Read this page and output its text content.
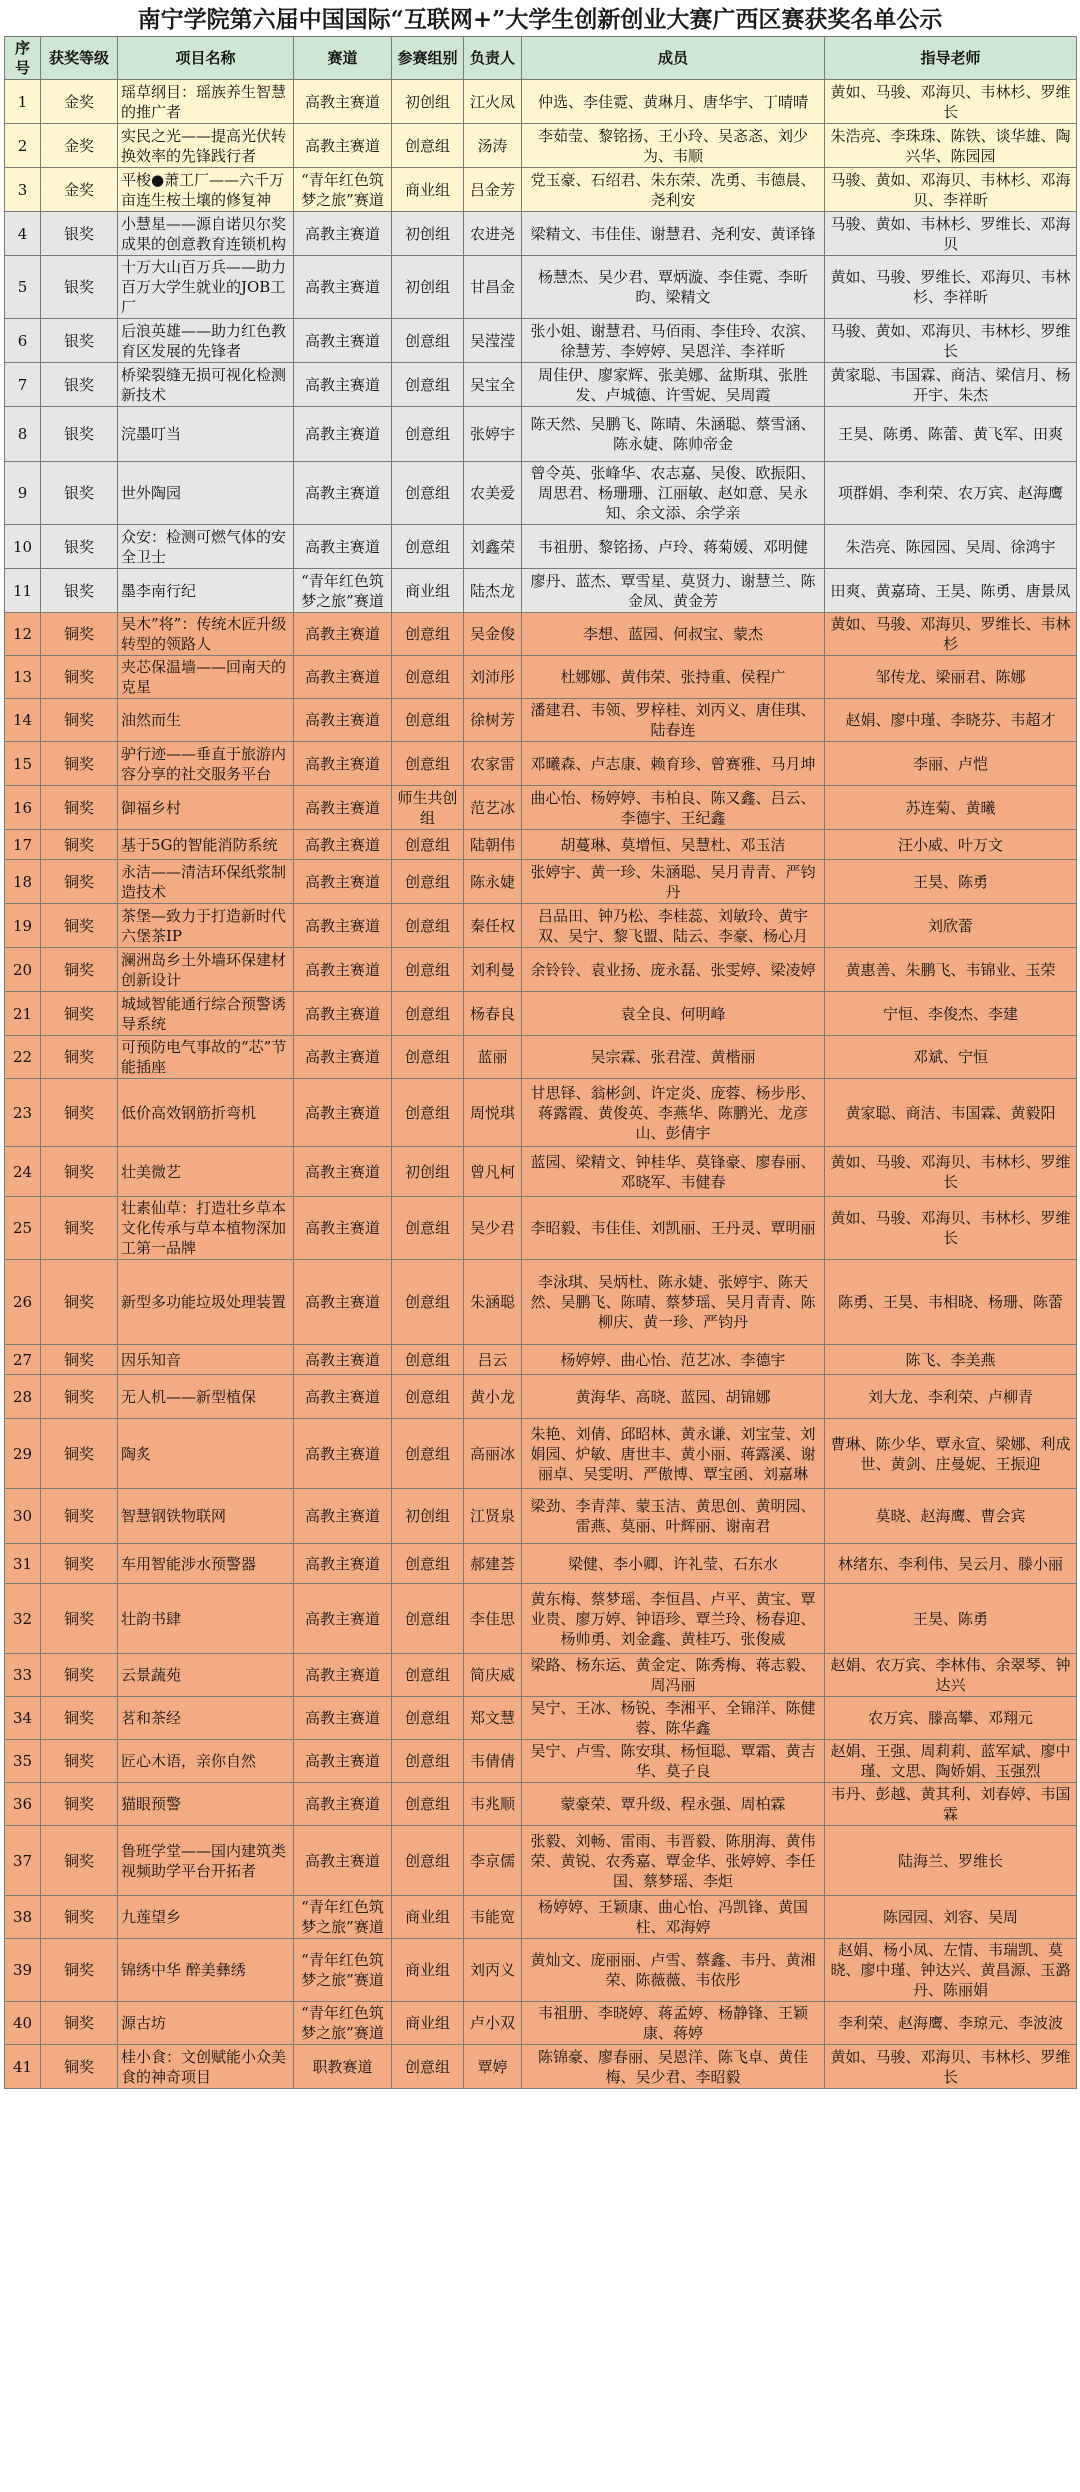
南宁学院第六届中国国际“互联网+”大学生创新创业大赛广西区赛获奖名单公示
序号	获奖等级	项目名称	赛道	参赛组别	负责人	成员	指导老师
1	金奖	瑶草纲目：瑶族养生智慧的推广者	高教主赛道	初创组	江火凤	仲选、李佳霓、黄琳月、唐华宇、丁晴晴	黄如、马骏、邓海贝、韦林杉、罗维长
2	金奖	实民之光——提高光伏转换效率的先锋践行者	高教主赛道	创意组	汤涛	李茹莹、黎铭扬、王小玲、吴忞忞、刘少为、韦顺	朱浩亮、李珠珠、陈铁、谈华雄、陶兴华、陈园园
3	金奖	平梭●萧工厂——六千万亩连生桉土壤的修复神	“青年红色筑梦之旅”赛道	商业组	吕金芳	党玉豪、石绍君、朱东荣、冼勇、韦德晨、尧利安	马骏、黄如、邓海贝、韦林杉、邓海贝、李祥昕
4	银奖	小慧星——源自诺贝尔奖成果的创意教育连锁机构	高教主赛道	初创组	农进尧	梁精文、韦佳佳、谢慧君、尧利安、黄译锋	马骏、黄如、韦林杉、罗维长、邓海贝
5	银奖	十万大山百万兵——助力百万大学生就业的JOB工厂	高教主赛道	初创组	甘昌金	杨慧杰、吴少君、覃炳漩、李佳霓、李昕昀、梁精文	黄如、马骏、罗维长、邓海贝、韦林杉、李祥昕
6	银奖	后浪英雄——助力红色教育区发展的先锋者	高教主赛道	创意组	吴滢滢	张小姐、谢慧君、马佰雨、李佳玲、农滨、徐慧芳、李婷婷、吴恩洋、李祥昕	马骏、黄如、邓海贝、韦林杉、罗维长
7	银奖	桥梁裂缝无损可视化检测新技术	高教主赛道	创意组	吴宝全	周佳伊、廖家辉、张美娜、盆斯琪、张胜发、卢城德、许雪妮、吴周霞	黄家聪、韦国霖、商洁、梁信月、杨开宇、朱杰
8	银奖	浣墨叮当	高教主赛道	创意组	张婷宇	陈天然、吴鹏飞、陈晴、朱涵聪、蔡雪涵、陈永婕、陈帅帝金	王昊、陈勇、陈蕾、黄飞军、田爽
9	银奖	世外陶园	高教主赛道	创意组	农美爱	曾令英、张峰华、农志嘉、吴俊、欧振阳、周思君、杨珊珊、江丽敏、赵如意、吴永知、余文添、余学亲	项群娟、李利荣、农万宾、赵海鹰
10	银奖	众安：检测可燃气体的安全卫士	高教主赛道	创意组	刘鑫荣	韦祖册、黎铭扬、卢玲、蒋菊媛、邓明健	朱浩亮、陈园园、吴周、徐鸿宇
11	银奖	墨李南行纪	“青年红色筑梦之旅”赛道	商业组	陆杰龙	廖丹、蓝杰、覃雪星、莫贤力、谢慧兰、陈金凤、黄金芳	田爽、黄嘉琦、王昊、陈勇、唐景凤
12	铜奖	吴木”将”：传统木匠升级转型的领路人	高教主赛道	创意组	吴金俊	李想、蓝园、何叔宝、蒙杰	黄如、马骏、邓海贝、罗维长、韦林杉
13	铜奖	夹芯保温墙——回南天的克星	高教主赛道	创意组	刘沛彤	杜娜娜、黄伟荣、张持重、侯程广	邹传龙、梁丽君、陈娜
14	铜奖	油然而生	高教主赛道	创意组	徐树芳	潘建君、韦领、罗梓桂、刘丙义、唐佳琪、陆春连	赵娟、廖中瑾、李晓芬、韦超才
15	铜奖	驴行迹——垂直于旅游内容分享的社交服务平台	高教主赛道	创意组	农家雷	邓曦森、卢志康、赖育珍、曾赛雅、马月坤	李丽、卢恺
16	铜奖	御福乡村	高教主赛道	师生共创组	范艺冰	曲心怡、杨婷婷、韦柏良、陈又鑫、吕云、李德宇、王纪鑫	苏连菊、黄曦
17	铜奖	基于5G的智能消防系统	高教主赛道	创意组	陆朝伟	胡蔓琳、莫增恒、吴慧杜、邓玉洁	汪小威、叶万文
18	铜奖	永洁——清洁环保纸浆制造技术	高教主赛道	创意组	陈永婕	张婷宇、黄一珍、朱涵聪、吴月青青、严钧丹	王昊、陈勇
19	铜奖	茶堡—致力于打造新时代六堡茶IP	高教主赛道	创意组	秦任权	吕品田、钟乃松、李桂蕊、刘敏玲、黄宇双、吴宁、黎飞盟、陆云、李豪、杨心月	刘欣蕾
20	铜奖	澜洲岛乡土外墙环保建材创新设计	高教主赛道	创意组	刘利曼	余铃铃、袁业扬、庞永磊、张雯婷、梁凌婷	黄惠善、朱鹏飞、韦锦业、玉荣
21	铜奖	城域智能通行综合预警诱导系统	高教主赛道	创意组	杨春良	袁全良、何明峰	宁恒、李俊杰、李建
22	铜奖	可预防电气事故的“芯”节能插座	高教主赛道	创意组	蓝丽	吴宗霖、张君滢、黄楷丽	邓斌、宁恒
23	铜奖	低价高效钢筋折弯机	高教主赛道	创意组	周悦琪	甘思铎、翁彬剑、许定炎、庞蓉、杨步彤、蒋露霞、黄俊英、李燕华、陈鹏光、龙彦山、彭倩宇	黄家聪、商洁、韦国霖、黄毅阳
24	铜奖	壮美微艺	高教主赛道	初创组	曾凡柯	蓝园、梁精文、钟桂华、莫锋豪、廖春丽、邓晓军、韦健春	黄如、马骏、邓海贝、韦林杉、罗维长
25	铜奖	壮素仙草：打造壮乡草本文化传承与草本植物深加工第一品牌	高教主赛道	创意组	吴少君	李昭毅、韦佳佳、刘凯丽、王丹灵、覃明丽	黄如、马骏、邓海贝、韦林杉、罗维长
26	铜奖	新型多功能垃圾处理装置	高教主赛道	创意组	朱涵聪	李泳琪、吴炳杜、陈永婕、张婷宇、陈天然、吴鹏飞、陈晴、蔡梦瑶、吴月青青、陈柳庆、黄一珍、严钧丹	陈勇、王昊、韦相晓、杨珊、陈蕾
27	铜奖	因乐知音	高教主赛道	创意组	吕云	杨婷婷、曲心怡、范艺冰、李德宇	陈飞、李美燕
28	铜奖	无人机——新型植保	高教主赛道	创意组	黄小龙	黄海华、高晓、蓝园、胡锦娜	刘大龙、李利荣、卢柳青
29	铜奖	陶炙	高教主赛道	创意组	高丽冰	朱艳、刘倩、邱昭林、黄永谦、刘宝莹、刘娟园、炉敏、唐世丰、黄小丽、蒋露溪、谢丽卓、吴雯明、严傲博、覃宝函、刘嘉琳	曹琳、陈少华、覃永宣、梁娜、利成世、黄剑、庄曼妮、王振迎
30	铜奖	智慧钢铁物联网	高教主赛道	初创组	江贤泉	梁劲、李青萍、蒙玉洁、黄思创、黄明园、雷燕、莫丽、叶辉丽、谢南君	莫晓、赵海鹰、曹会宾
31	铜奖	车用智能涉水预警器	高教主赛道	创意组	郝建荟	梁健、李小卿、许礼莹、石东水	林绪东、李利伟、吴云月、滕小丽
32	铜奖	壮韵书肆	高教主赛道	创意组	李佳思	黄东梅、蔡梦瑶、李恒昌、卢平、黄宝、覃业贵、廖万婷、钟语珍、覃兰玲、杨春迎、杨帅勇、刘金鑫、黄桂巧、张俊威	王昊、陈勇
33	铜奖	云景蔬苑	高教主赛道	创意组	简庆威	梁路、杨东运、黄金定、陈秀梅、蒋志毅、周冯丽	赵娟、农万宾、李林伟、余翠琴、钟达兴
34	铜奖	茗和茶经	高教主赛道	创意组	郑文慧	吴宁、王冰、杨锐、李湘平、全锦洋、陈健蓉、陈华鑫	农万宾、滕高攀、邓翔元
35	铜奖	匠心木语，亲你自然	高教主赛道	创意组	韦倩倩	吴宁、卢雪、陈安琪、杨恒聪、覃霜、黄吉华、莫子良	赵娟、王强、周莉莉、蓝军斌、廖中瑾、文思、陶娇娟、玉强烈
36	铜奖	猫眼预警	高教主赛道	创意组	韦兆顺	蒙豪荣、覃升级、程永强、周柏霖	韦丹、彭越、黄其利、刘春婷、韦国霖
37	铜奖	鲁班学堂——国内建筑类视频助学平台开拓者	高教主赛道	创意组	李京儒	张毅、刘畅、雷雨、韦晋毅、陈朋海、黄伟荣、黄锐、农秀嘉、覃金华、张婷婷、李任国、蔡梦瑶、李炬	陆海兰、罗维长
38	铜奖	九莲望乡	“青年红色筑梦之旅”赛道	商业组	韦能宽	杨婷婷、王颖康、曲心怡、冯凯锋、黄国柱、邓海婷	陈园园、刘容、吴周
39	铜奖	锦绣中华 醉美彝绣	“青年红色筑梦之旅”赛道	商业组	刘丙义	黄灿文、庞丽丽、卢雪、蔡鑫、韦丹、黄湘荣、陈薇薇、韦依彤	赵娟、杨小凤、左情、韦瑞凯、莫晓、廖中瑾、钟达兴、黄昌源、玉潞丹、陈丽娟
40	铜奖	源古坊	“青年红色筑梦之旅”赛道	商业组	卢小双	韦祖册、李晓婷、蒋孟婷、杨静锋、王颖康、蒋婷	李利荣、赵海鹰、李琼元、李波波
41	铜奖	桂小食：文创赋能小众美食的神奇项目	职教赛道	创意组	覃婷	陈锦豪、廖春丽、吴恩洋、陈飞卓、黄佳梅、吴少君、李昭毅	黄如、马骏、邓海贝、韦林杉、罗维长
